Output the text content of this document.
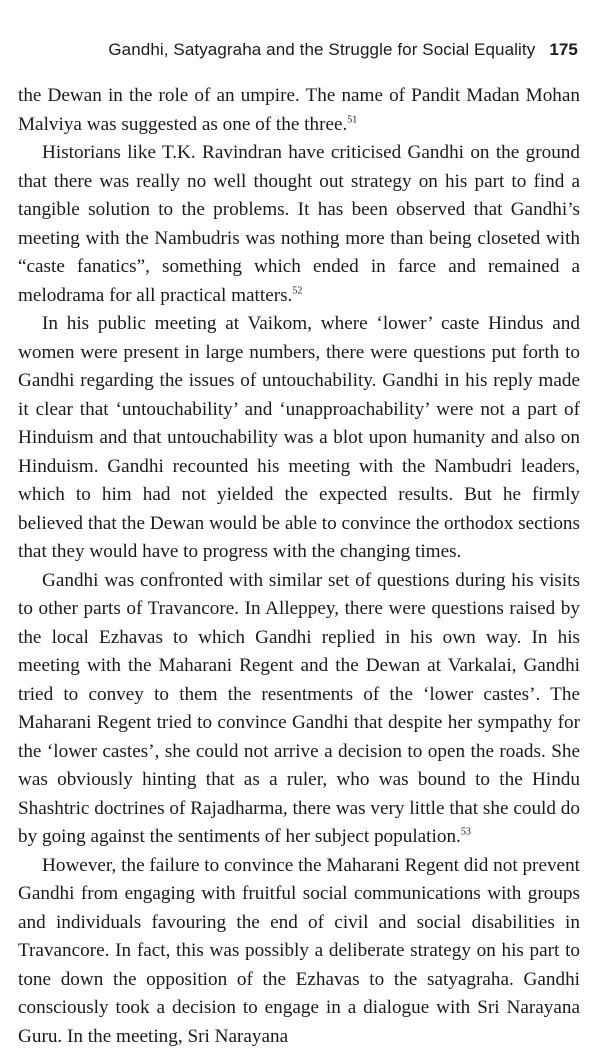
Gandhi, Satyagraha and the Struggle for Social Equality 175

the Dewan in the role of an umpire. The name of Pandit Madan Mohan Malviya was suggested as one of the three.$^{51}$

Historians like T.K. Ravindran have criticised Gandhi on the ground that there was really no well thought out strategy on his part to find a tangible solution to the problems. It has been observed that Gandhi’s meeting with the Nambudris was nothing more than being closeted with “caste fanatics”, something which ended in farce and remained a melodrama for all practical matters.$^{52}$

In his public meeting at Vaikom, where ‘lower’ caste Hindus and women were present in large numbers, there were questions put forth to Gandhi regarding the issues of untouchability. Gandhi in his reply made it clear that ‘untouchability’ and ‘unapproachability’ were not a part of Hinduism and that untouchability was a blot upon humanity and also on Hinduism. Gandhi recounted his meeting with the Nambudri leaders, which to him had not yielded the expected results. But he firmly believed that the Dewan would be able to convince the orthodox sections that they would have to progress with the changing times.

Gandhi was confronted with similar set of questions during his visits to other parts of Travancore. In Alleppey, there were questions raised by the local Ezhavas to which Gandhi replied in his own way. In his meeting with the Maharani Regent and the Dewan at Varkalai, Gandhi tried to convey to them the resentments of the ‘lower castes’. The Maharani Regent tried to convince Gandhi that despite her sympathy for the ‘lower castes’, she could not arrive a decision to open the roads. She was obviously hinting that as a ruler, who was bound to the Hindu Shashtric doctrines of Rajadharma, there was very little that she could do by going against the sentiments of her subject population.$^{53}$

However, the failure to convince the Maharani Regent did not prevent Gandhi from engaging with fruitful social communications with groups and individuals favouring the end of civil and social disabilities in Travancore. In fact, this was possibly a deliberate strategy on his part to tone down the opposition of the Ezhavas to the satyagraha. Gandhi consciously took a decision to engage in a dialogue with Sri Narayana Guru. In the meeting, Sri Narayana
